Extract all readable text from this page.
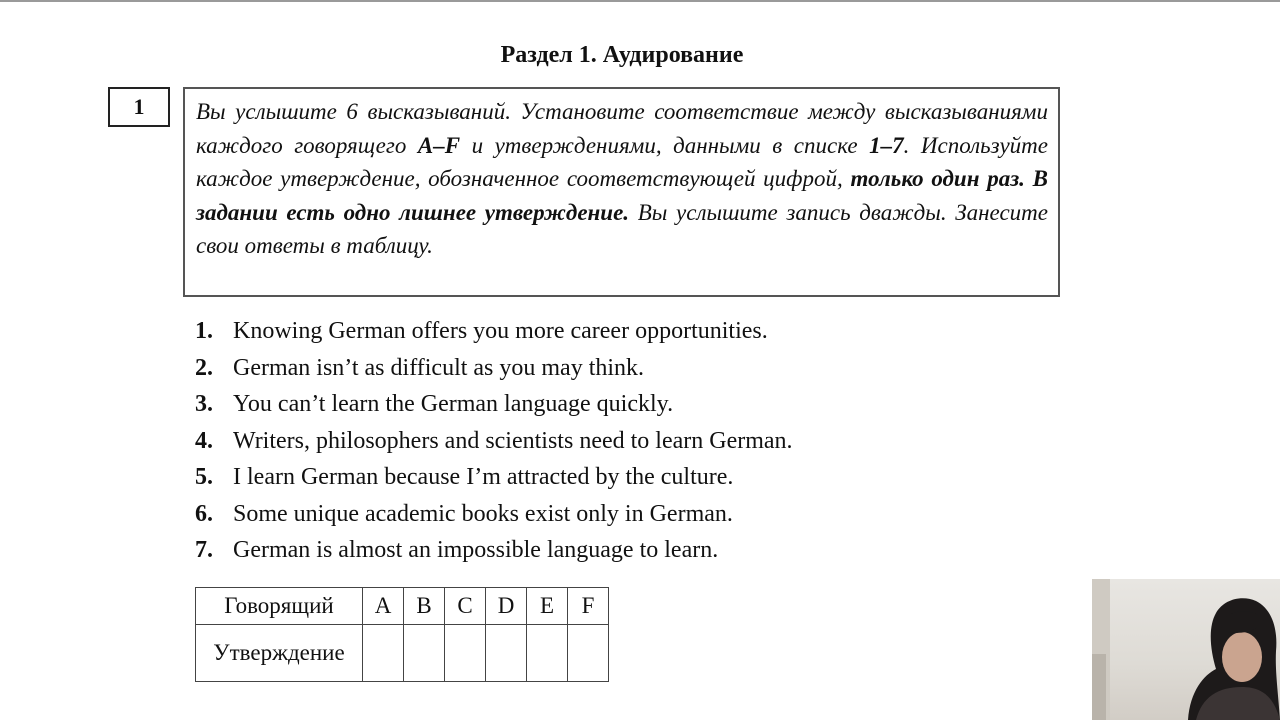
Раздел 1. Аудирование
1	Вы услышите 6 высказываний. Установите соответствие между высказываниями каждого говорящего A–F и утверждениями, данными в списке 1–7. Используйте каждое утверждение, обозначенное соответствующей цифрой, только один раз. В задании есть одно лишнее утверждение. Вы услышите запись дважды. Занесите свои ответы в таблицу.
1. Knowing German offers you more career opportunities.
2. German isn’t as difficult as you may think.
3. You can’t learn the German language quickly.
4. Writers, philosophers and scientists need to learn German.
5. I learn German because I’m attracted by the culture.
6. Some unique academic books exist only in German.
7. German is almost an impossible language to learn.
Говорящий	A	B	C	D	E	F
Утверждение						
